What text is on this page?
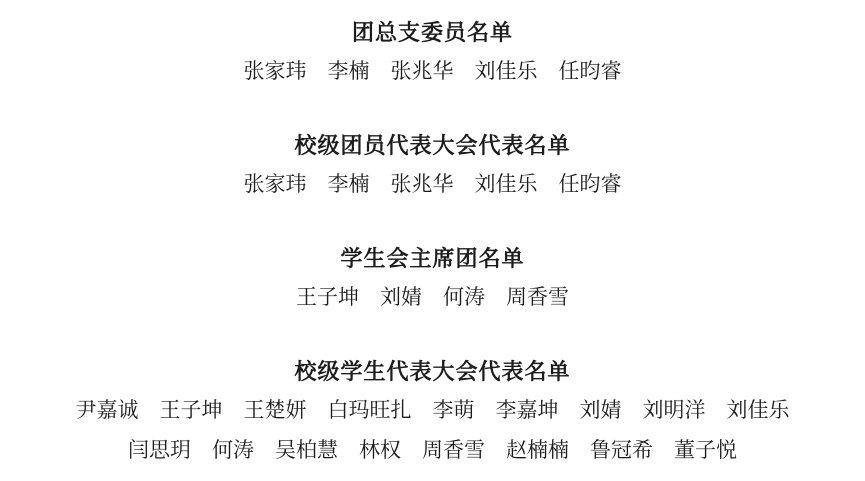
团总支委员名单
张家玮　李楠　张兆华　刘佳乐　任昀睿
校级团员代表大会代表名单
张家玮　李楠　张兆华　刘佳乐　任昀睿
学生会主席团名单
王子坤　刘婧　何涛　周香雪
校级学生代表大会代表名单
尹嘉诚　王子坤　王楚妍　白玛旺扎　李萌　李嘉坤　刘婧　刘明洋　刘佳乐
闫思玥　何涛　吴柏慧　林权　周香雪　赵楠楠　鲁冠希　董子悦
